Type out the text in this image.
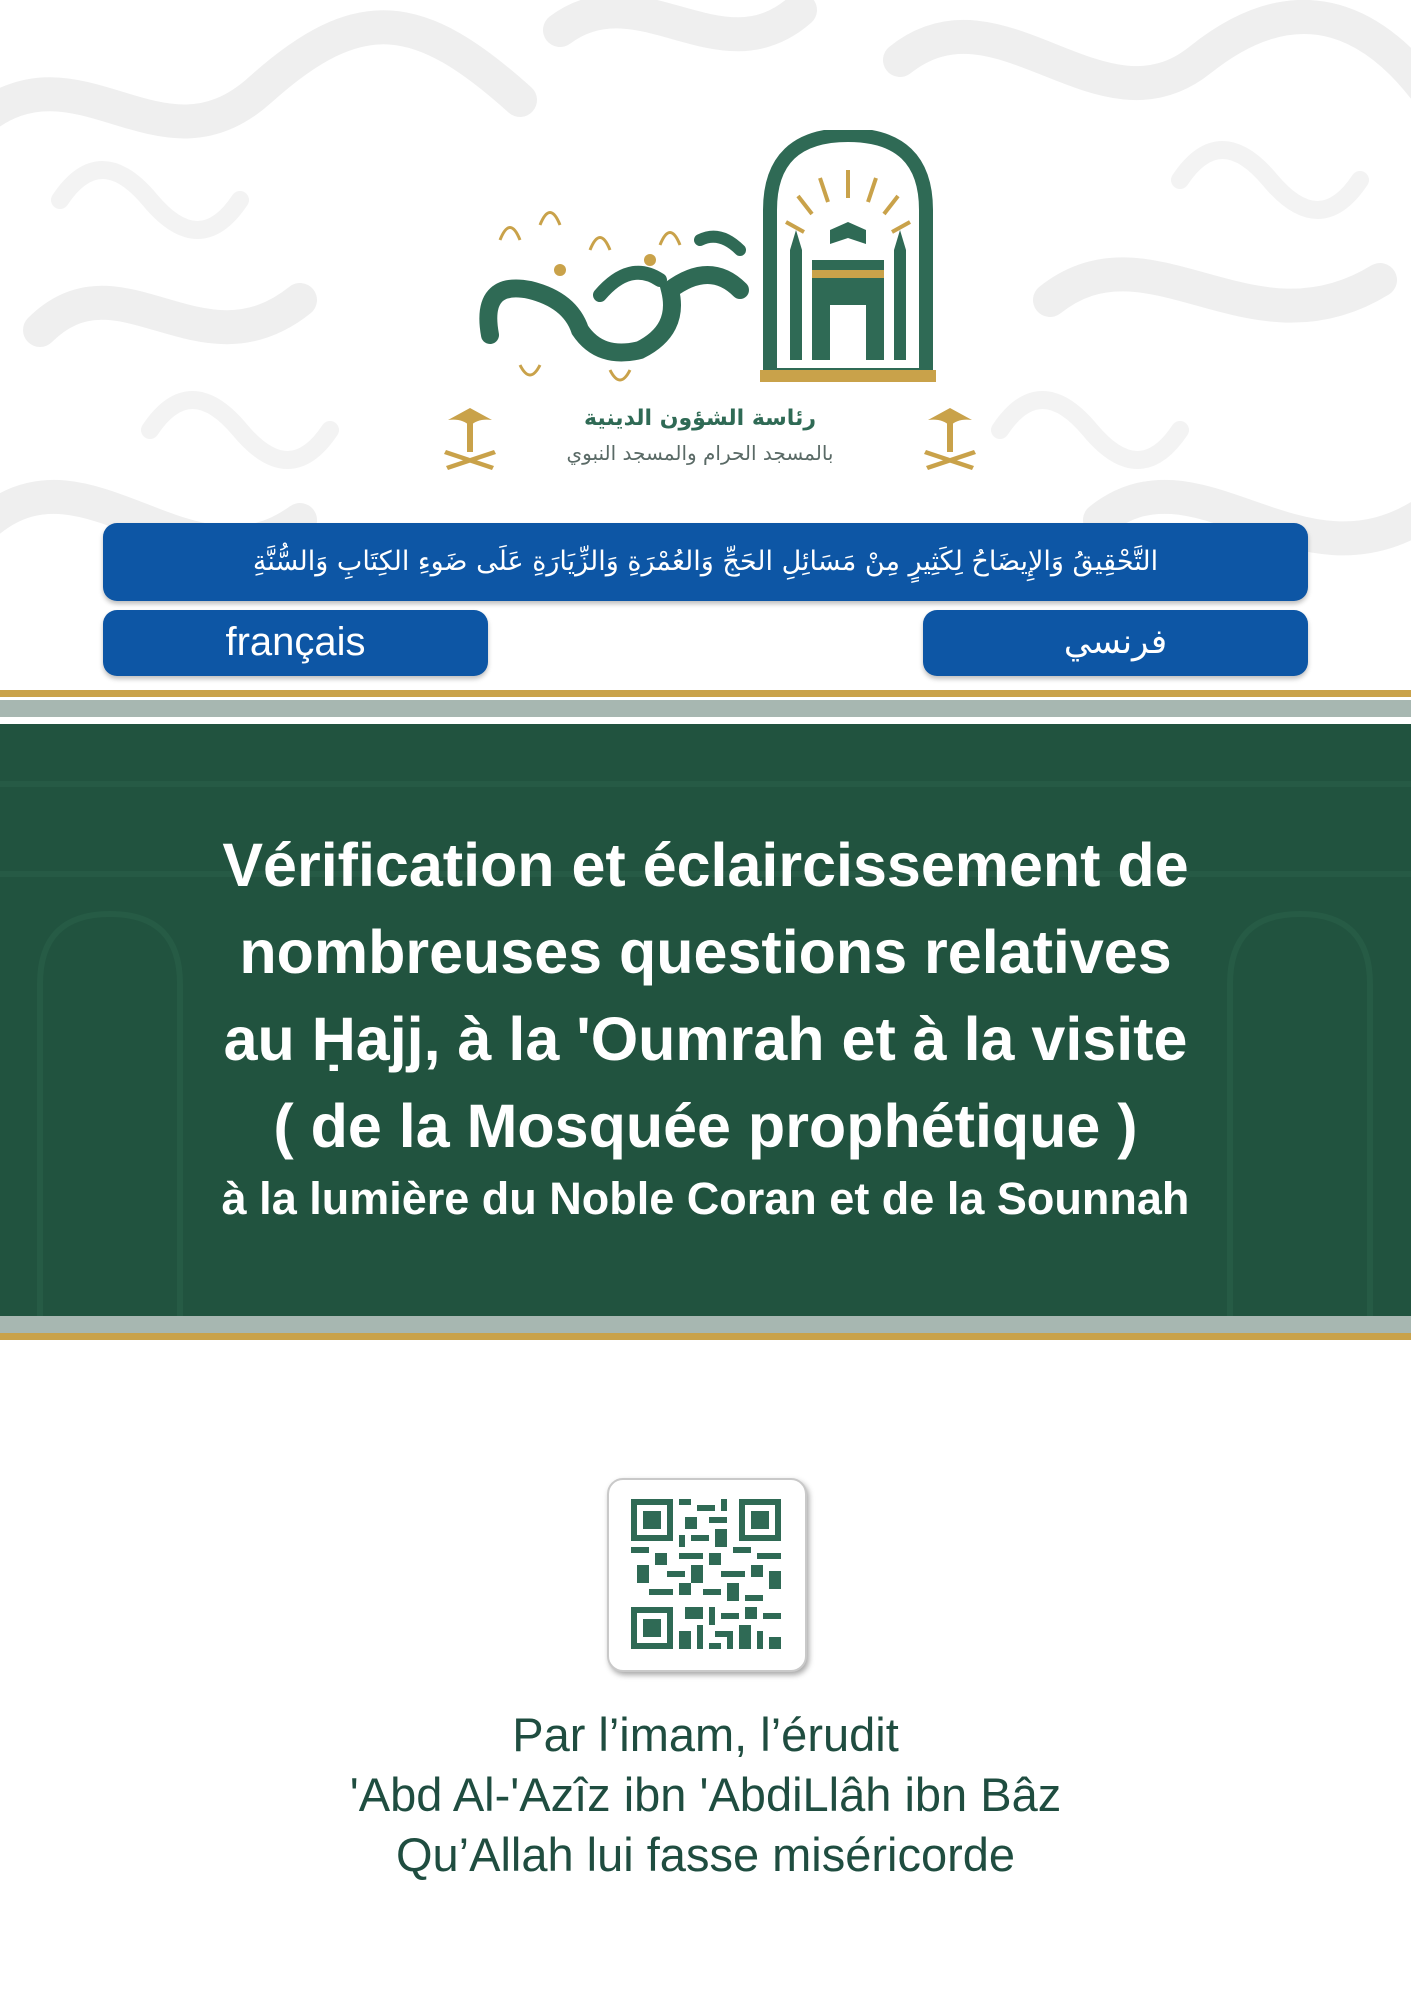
رئاسة الشؤون الدينية
بالمسجد الحرام والمسجد النبوي
التَّحْقِيقُ وَالإِيضَاحُ لِكَثِيرٍ مِنْ مَسَائِلِ الحَجِّ وَالعُمْرَةِ وَالزِّيَارَةِ عَلَى ضَوءِ الكِتَابِ وَالسُّنَّةِ
français	فرنسي
Vérification et éclaircissement de
nombreuses questions relatives
au Ḥajj, à la 'Oumrah et à la visite
( de la Mosquée prophétique )
à la lumière du Noble Coran et de la Sounnah
Par l’imam, l’érudit
'Abd Al-'Azîz ibn 'AbdiLlâh ibn Bâz
Qu’Allah lui fasse miséricorde
